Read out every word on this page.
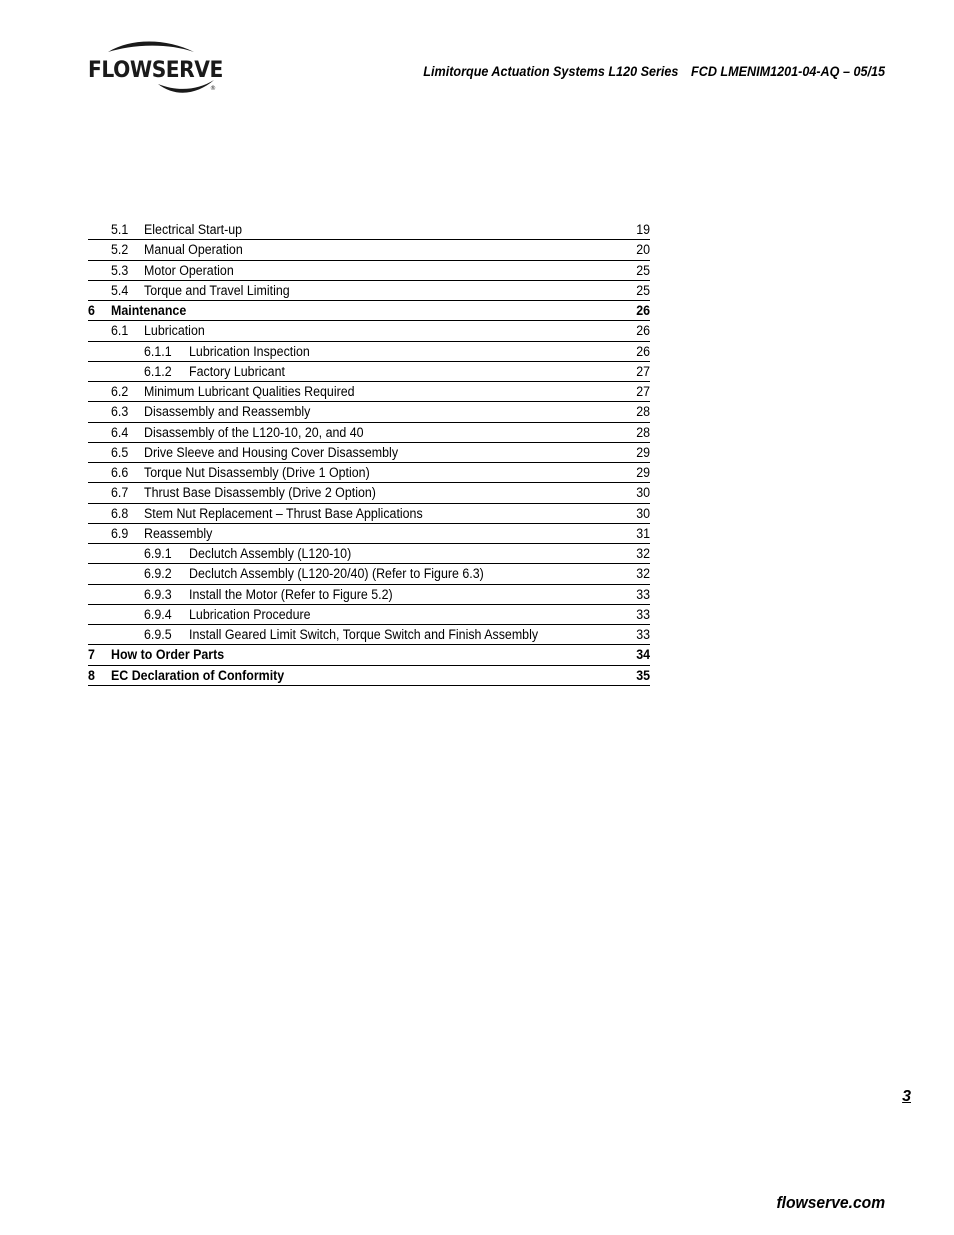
®
FLOWSERVE	Limitorque Actuation Systems L120 Series FCD LMENIM1201-04-AQ – 05/15
5.1 Electrical Start-up	19
5.2 Manual Operation	20
5.3 Motor Operation	25
5.4 Torque and Travel Limiting	25
6 Maintenance	26
6.1 Lubrication	26
6.1.1 Lubrication Inspection	26
6.1.2 Factory Lubricant	27
6.2 Minimum Lubricant Qualities Required	27
6.3 Disassembly and Reassembly	28
6.4 Disassembly of the L120-10, 20, and 40	28
6.5 Drive Sleeve and Housing Cover Disassembly	29
6.6 Torque Nut Disassembly (Drive 1 Option)	29
6.7 Thrust Base Disassembly (Drive 2 Option)	30
6.8 Stem Nut Replacement – Thrust Base Applications	30
6.9 Reassembly	31
6.9.1 Declutch Assembly (L120-10)	32
6.9.2 Declutch Assembly (L120-20/40) (Refer to Figure 6.3)	32
6.9.3 Install the Motor (Refer to Figure 5.2)	33
6.9.4 Lubrication Procedure	33
6.9.5 Install Geared Limit Switch, Torque Switch and Finish Assembly	33
7 How to Order Parts	34
8 EC Declaration of Conformity	35
3
flowserve.com
